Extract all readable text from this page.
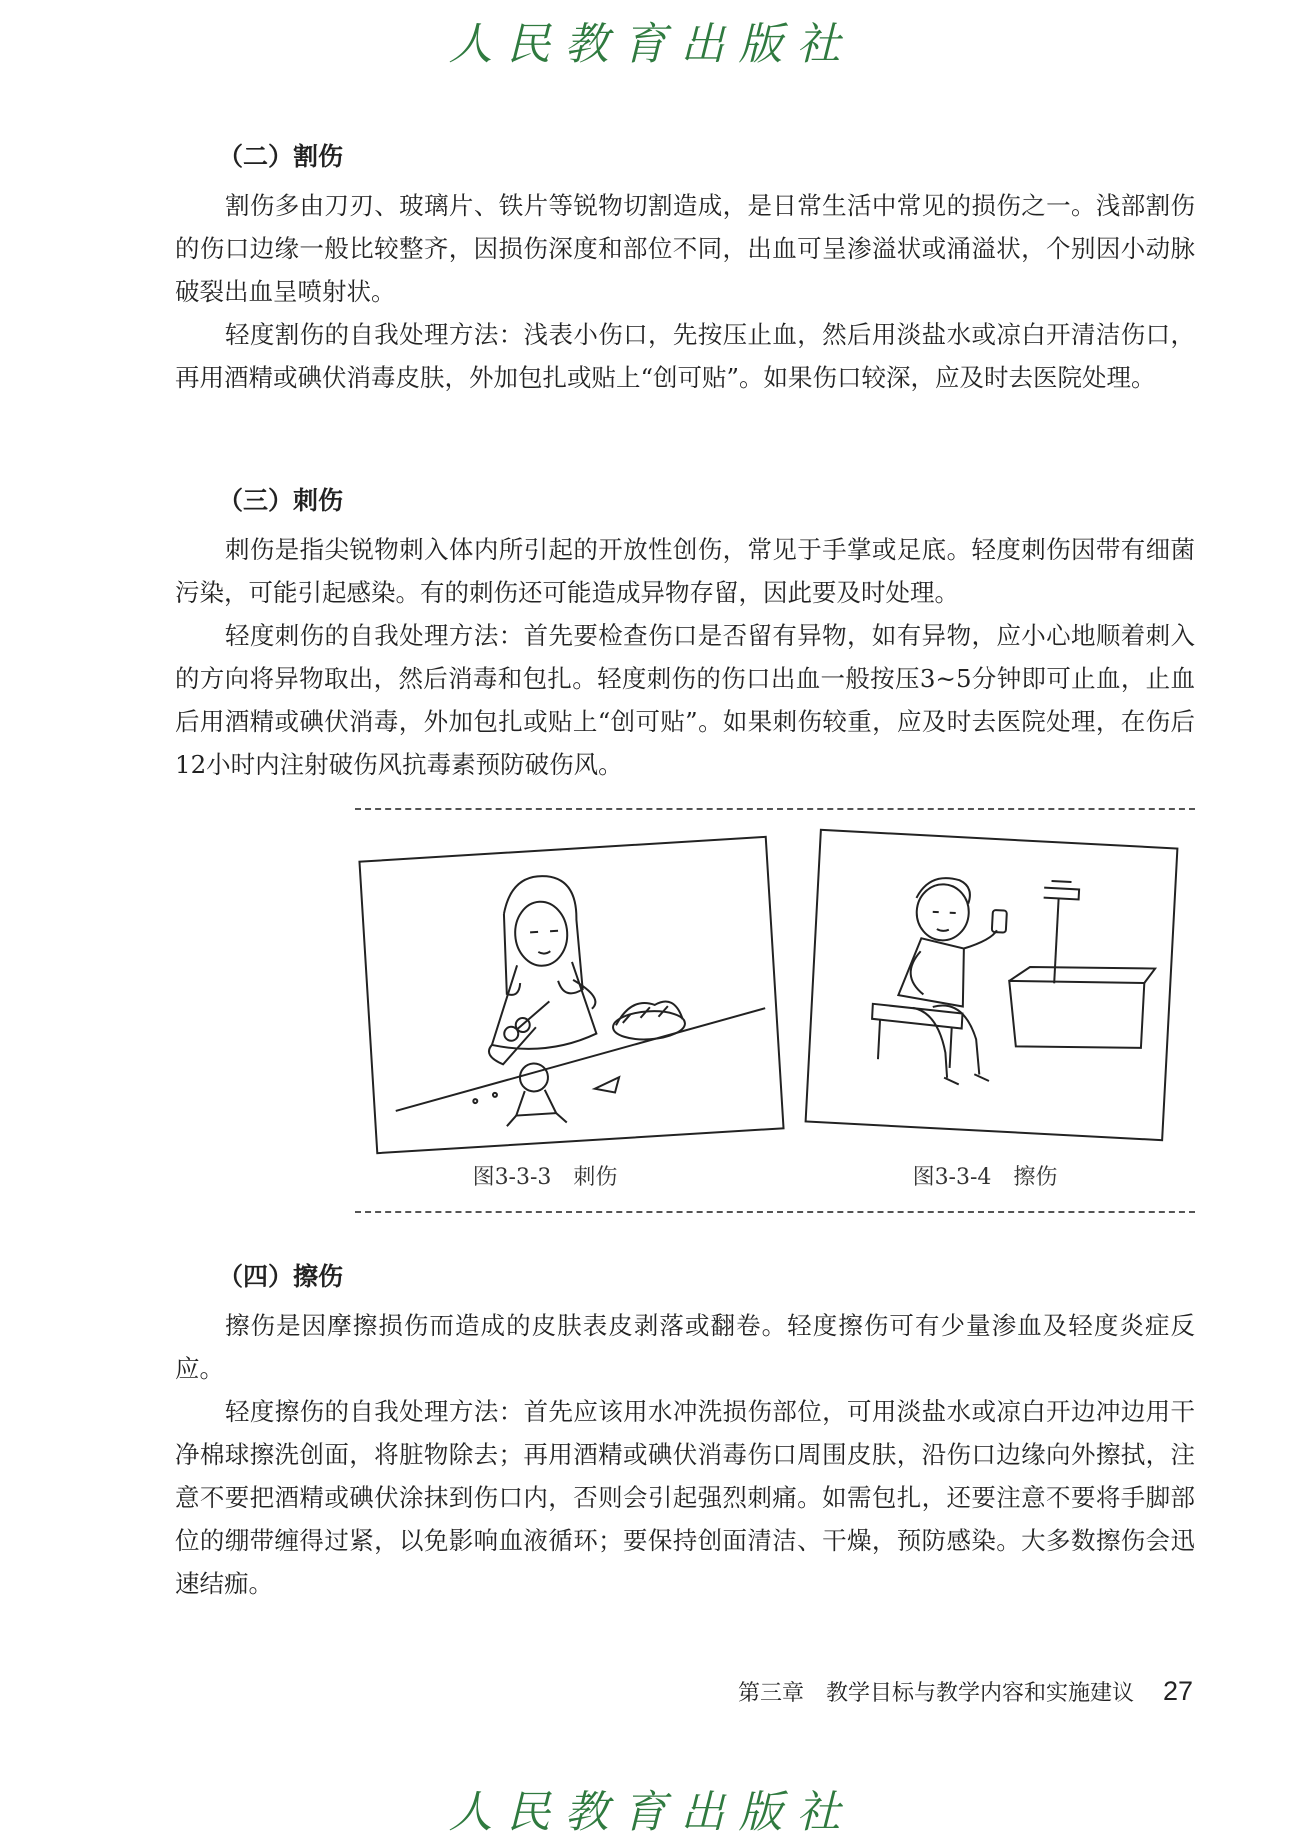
人民教育出版社
（二）割伤

割伤多由刀刃、玻璃片、铁片等锐物切割造成，是日常生活中常见的损伤之一。浅部割伤的伤口边缘一般比较整齐，因损伤深度和部位不同，出血可呈渗溢状或涌溢状，个别因小动脉破裂出血呈喷射状。

轻度割伤的自我处理方法：浅表小伤口，先按压止血，然后用淡盐水或凉白开清洁伤口，再用酒精或碘伏消毒皮肤，外加包扎或贴上“创可贴”。如果伤口较深，应及时去医院处理。

（三）刺伤

刺伤是指尖锐物刺入体内所引起的开放性创伤，常见于手掌或足底。轻度刺伤因带有细菌污染，可能引起感染。有的刺伤还可能造成异物存留，因此要及时处理。

轻度刺伤的自我处理方法：首先要检查伤口是否留有异物，如有异物，应小心地顺着刺入的方向将异物取出，然后消毒和包扎。轻度刺伤的伤口出血一般按压3~5分钟即可止血，止血后用酒精或碘伏消毒，外加包扎或贴上“创可贴”。如果刺伤较重，应及时去医院处理，在伤后12小时内注射破伤风抗毒素预防破伤风。

（四）擦伤

擦伤是因摩擦损伤而造成的皮肤表皮剥落或翻卷。轻度擦伤可有少量渗血及轻度炎症反应。

轻度擦伤的自我处理方法：首先应该用水冲洗损伤部位，可用淡盐水或凉白开边冲边用干净棉球擦洗创面，将脏物除去；再用酒精或碘伏消毒伤口周围皮肤，沿伤口边缘向外擦拭，注意不要把酒精或碘伏涂抹到伤口内，否则会引起强烈刺痛。如需包扎，还要注意不要将手脚部位的绷带缠得过紧，以免影响血液循环；要保持创面清洁、干燥，预防感染。大多数擦伤会迅速结痂。

图3-3-3　刺伤	图3-3-4　擦伤
第三章　教学目标与教学内容和实施建议 27
人民教育出版社
